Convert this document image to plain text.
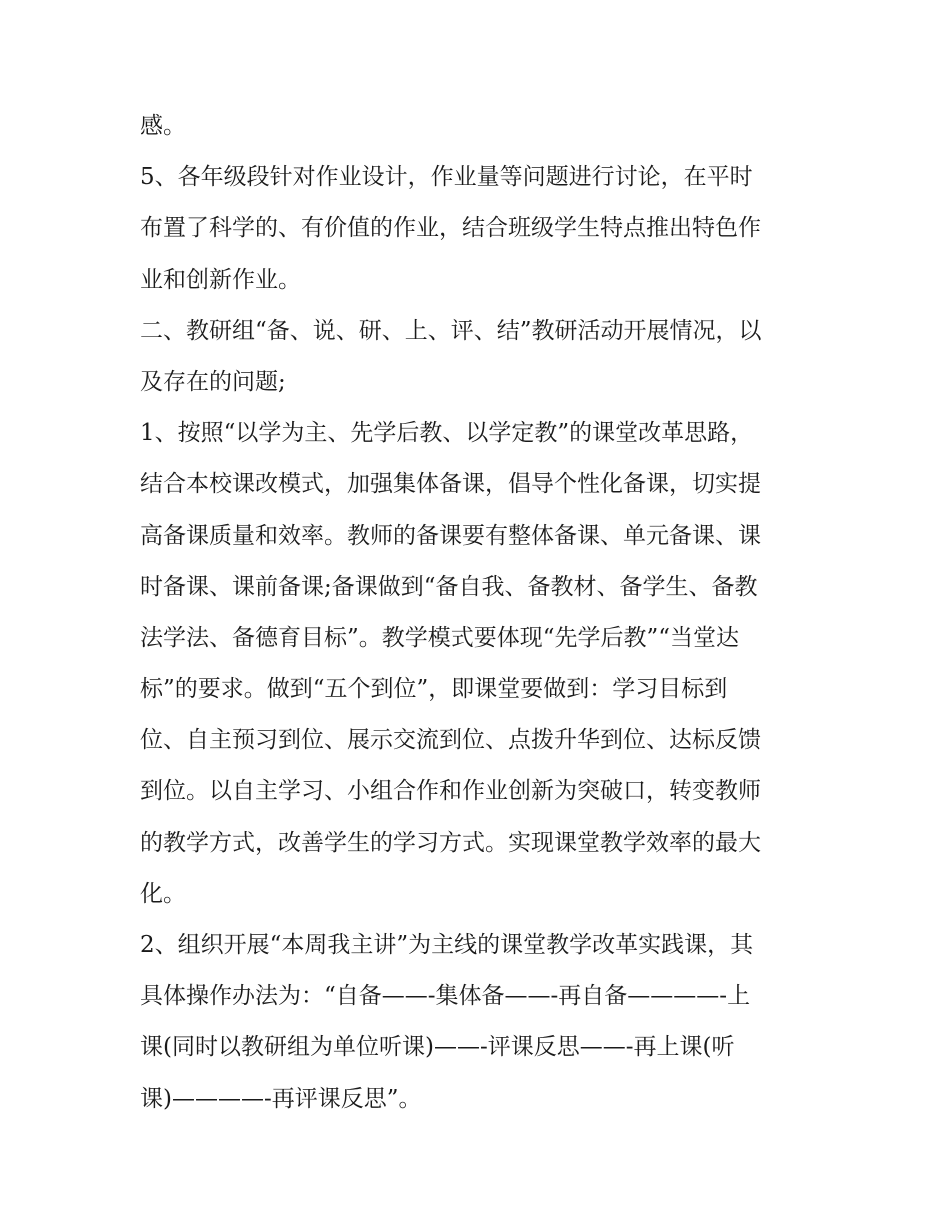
感。
5、各年级段针对作业设计，作业量等问题进行讨论，在平时
布置了科学的、有价值的作业，结合班级学生特点推出特色作
业和创新作业。
二、教研组“备、说、研、上、评、结”教研活动开展情况，以
及存在的问题;
1、按照“以学为主、先学后教、以学定教”的课堂改革思路，
结合本校课改模式，加强集体备课，倡导个性化备课，切实提
高备课质量和效率。教师的备课要有整体备课、单元备课、课
时备课、课前备课;备课做到“备自我、备教材、备学生、备教
法学法、备德育目标”。教学模式要体现“先学后教”“当堂达
标”的要求。做到“五个到位”，即课堂要做到：学习目标到
位、自主预习到位、展示交流到位、点拨升华到位、达标反馈
到位。以自主学习、小组合作和作业创新为突破口，转变教师
的教学方式，改善学生的学习方式。实现课堂教学效率的最大
化。
2、组织开展“本周我主讲”为主线的课堂教学改革实践课，其
具体操作办法为：“自备——-集体备——-再自备————-上
课(同时以教研组为单位听课)——-评课反思——-再上课(听
课)————-再评课反思”。
